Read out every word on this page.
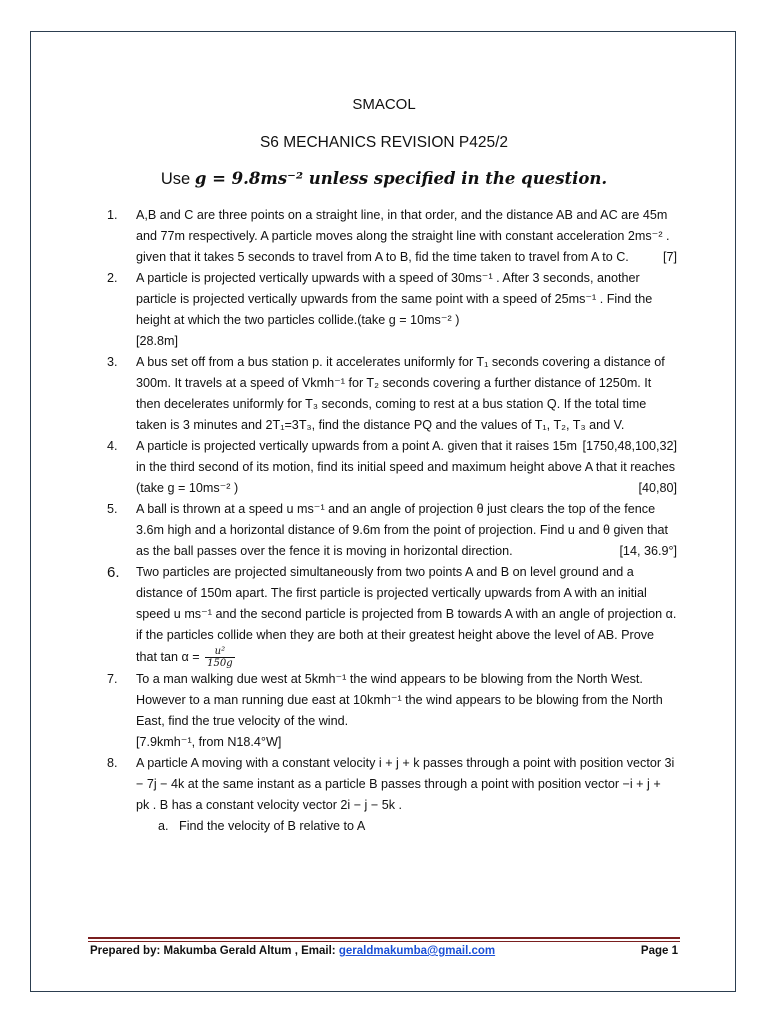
SMACOL
S6 MECHANICS REVISION P425/2
Use g = 9.8ms⁻² unless specified in the question.
1.	A,B and C are three points on a straight line, in that order, and the distance AB and AC are 45m and 77m respectively. A particle moves along the straight line with constant acceleration 2ms⁻² . given that it takes 5 seconds to travel from A to B, fid the time taken to travel from A to C.	[7]

2.	A particle is projected vertically upwards with a speed of 30ms⁻¹ . After 3 seconds, another particle is projected vertically upwards from the same point with a speed of 25ms⁻¹ . Find the height at which the two particles collide.(take g = 10ms⁻² )

[28.8m]

3.	A bus set off from a bus station p. it accelerates uniformly for T₁ seconds covering a distance of 300m. It travels at a speed of Vkmh⁻¹ for T₂ seconds covering a further distance of 1250m. It then decelerates uniformly for T₃ seconds, coming to rest at a bus station Q. If the total time taken is 3 minutes and 2T₁=3T₃, find the distance PQ and the values of T₁, T₂, T₃ and V.
[1750,48,100,32]

4.	A particle is projected vertically upwards from a point A. given that it raises 15m in the third second of its motion, find its initial speed and maximum height above A that it reaches (take g = 10ms⁻² )	[40,80]

5.	A ball is thrown at a speed u ms⁻¹ and an angle of projection θ just clears the top of the fence 3.6m high and a horizontal distance of 9.6m from the point of projection. Find u and θ given that as the ball passes over the fence it is moving in horizontal direction.	[14, 36.9°]

6.	Two particles are projected simultaneously from two points A and B on level ground and a distance of 150m apart. The first particle is projected vertically upwards from A with an initial speed u ms⁻¹ and the second particle is projected from B towards A with an angle of projection α. if the particles collide when they are both at their greatest height above the level of AB. Prove that $\tan \alpha = \frac{\text{u²}}{150g}$

7.	To a man walking due west at 5kmh⁻¹ the wind appears to be blowing from the North West. However to a man running due east at 10kmh⁻¹ the wind appears to be blowing from the North East, find the true velocity of the wind.

[7.9kmh⁻¹, from N18.4°W]

8.	A particle A moving with a constant velocity i + j + k passes through a point with position vector 3i − 7j − 4k at the same instant as a particle B passes through a point with position vector −i + j + pk . B has a constant velocity vector 2i − j − 5k .

a. Find the velocity of B relative to A

Prepared by: Makumba Gerald Altum , Email: geraldmakumba@gmail.com	Page 1
